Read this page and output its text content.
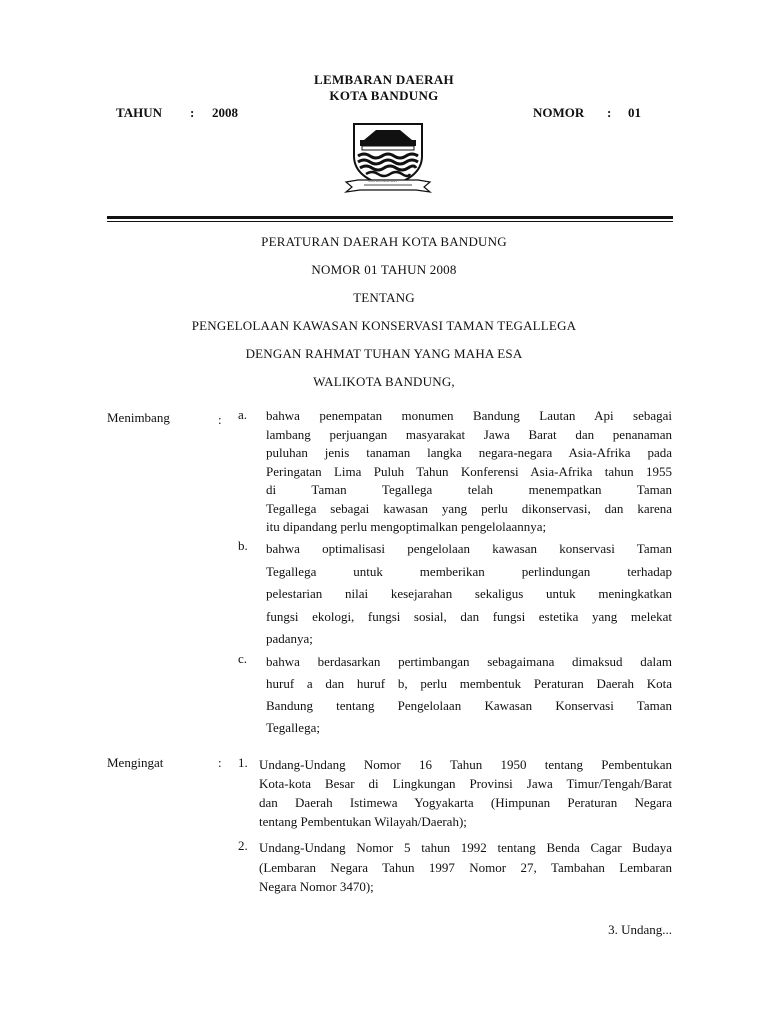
LEMBARAN DAERAH
KOTA BANDUNG
TAHUN : 2008	NOMOR : 01
GEMAH RIPAH WIBAWA MUKTI
PERATURAN DAERAH KOTA BANDUNG
NOMOR 01 TAHUN 2008
TENTANG
PENGELOLAAN KAWASAN KONSERVASI TAMAN TEGALLEGA
DENGAN RAHMAT TUHAN YANG MAHA ESA
WALIKOTA BANDUNG,
Menimbang	: a. bahwa penempatan monumen Bandung Lautan Api sebagai
lambang perjuangan masyarakat Jawa Barat dan penanaman
puluhan jenis tanaman langka negara-negara Asia-Afrika pada
Peringatan Lima Puluh Tahun Konferensi Asia-Afrika tahun 1955
di Taman Tegallega telah menempatkan Taman
Tegallega sebagai kawasan yang perlu dikonservasi, dan karena
itu dipandang perlu mengoptimalkan pengelolaannya;
b. bahwa optimalisasi pengelolaan kawasan konservasi Taman
Tegallega untuk memberikan perlindungan terhadap
pelestarian nilai kesejarahan sekaligus untuk meningkatkan
fungsi ekologi, fungsi sosial, dan fungsi estetika yang melekat
padanya;
c. bahwa berdasarkan pertimbangan sebagaimana dimaksud dalam
huruf a dan huruf b, perlu membentuk Peraturan Daerah Kota
Bandung tentang Pengelolaan Kawasan Konservasi Taman
Tegallega;
Mengingat	: 1. Undang-Undang Nomor 16 Tahun 1950 tentang Pembentukan
Kota-kota Besar di Lingkungan Provinsi Jawa Timur/Tengah/Barat
dan Daerah Istimewa Yogyakarta (Himpunan Peraturan Negara
tentang Pembentukan Wilayah/Daerah);
2. Undang-Undang Nomor 5 tahun 1992 tentang Benda Cagar Budaya
(Lembaran Negara Tahun 1997 Nomor 27, Tambahan Lembaran
Negara Nomor 3470);
3. Undang...
